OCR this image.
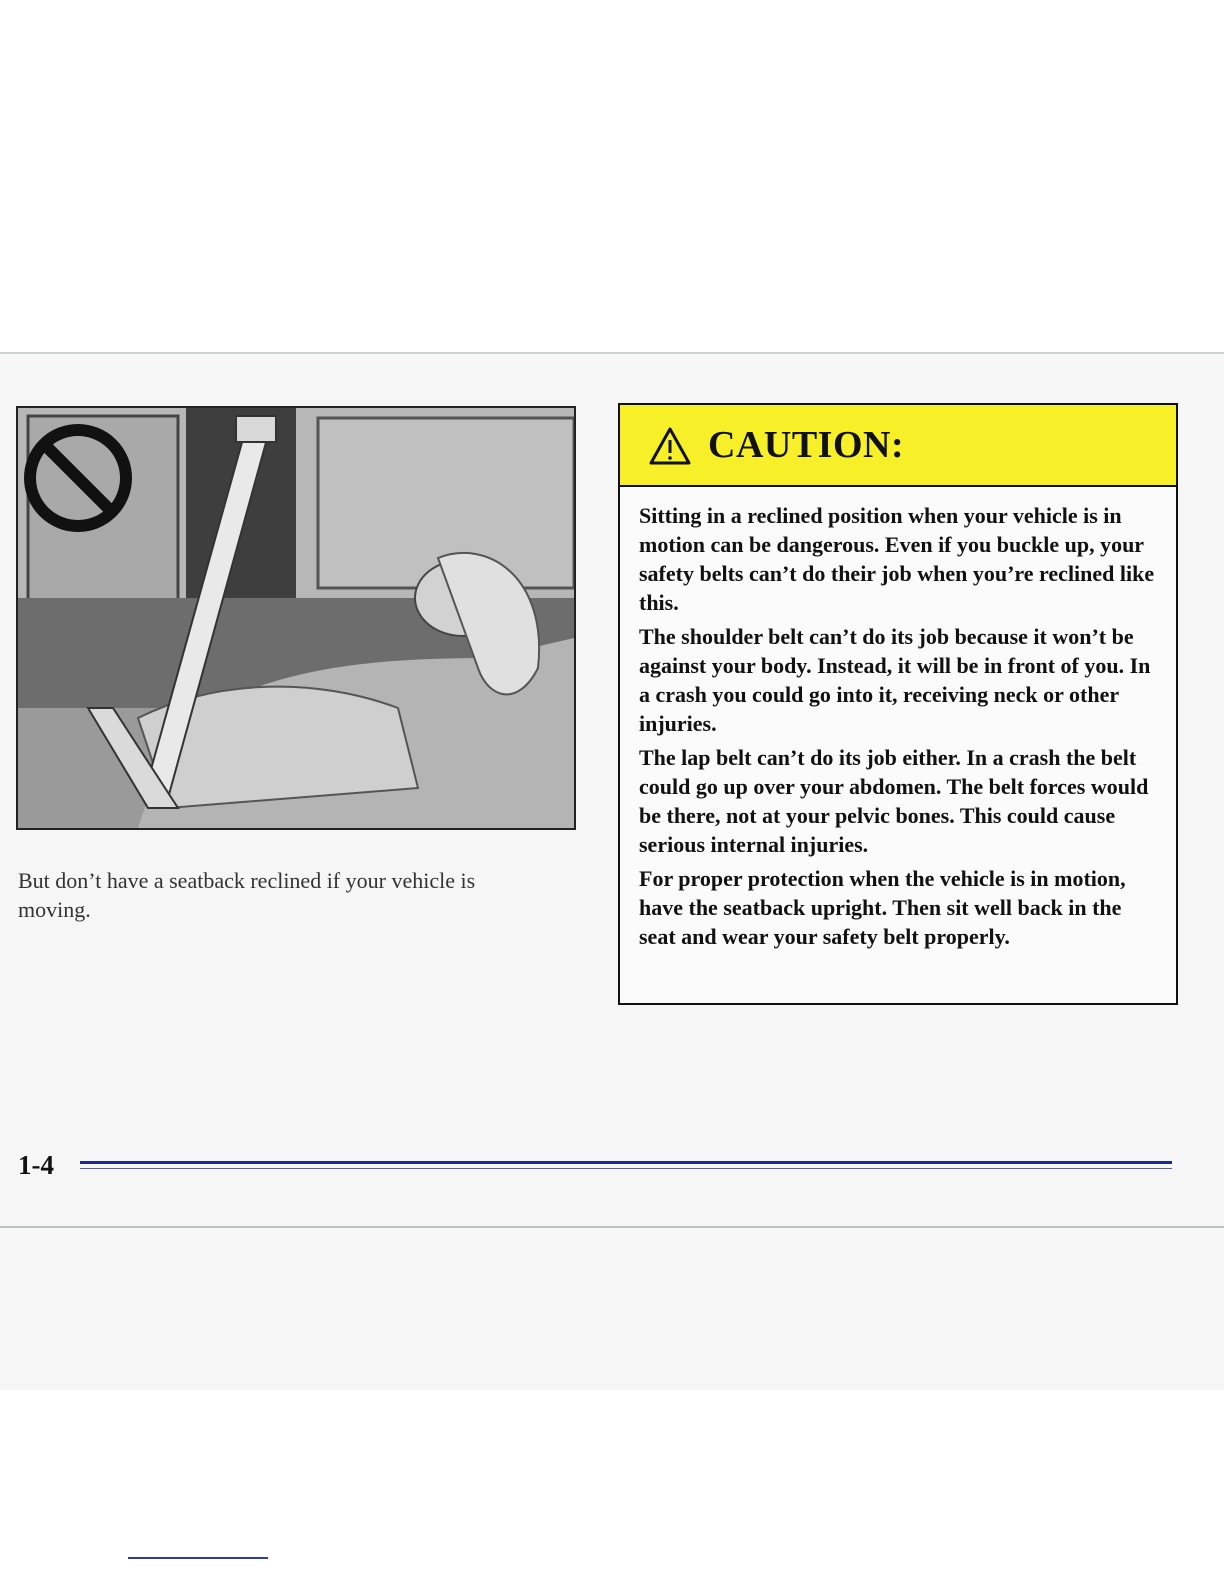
But don’t have a seatback reclined if your vehicle is moving.
CAUTION:

Sitting in a reclined position when your vehicle is in motion can be dangerous. Even if you buckle up, your safety belts can’t do their job when you’re reclined like this.

The shoulder belt can’t do its job because it won’t be against your body. Instead, it will be in front of you. In a crash you could go into it, receiving neck or other injuries.

The lap belt can’t do its job either. In a crash the belt could go up over your abdomen. The belt forces would be there, not at your pelvic bones. This could cause serious internal injuries.

For proper protection when the vehicle is in motion, have the seatback upright. Then sit well back in the seat and wear your safety belt properly.

1-4
